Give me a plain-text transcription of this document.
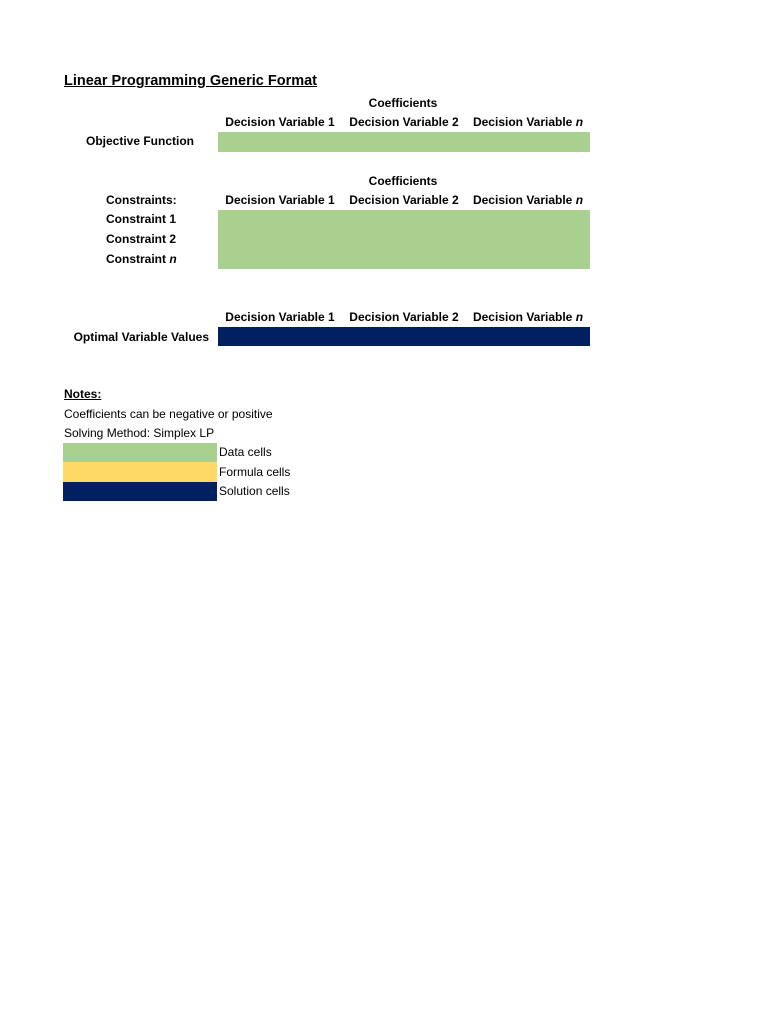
Linear Programming Generic Format
Coefficients
Decision Variable 1	Decision Variable 2	Decision Variable n
Objective Function
Coefficients
Constraints:	Decision Variable 1	Decision Variable 2	Decision Variable n
Constraint 1
Constraint 2
Constraint n
Decision Variable 1	Decision Variable 2	Decision Variable n
Optimal Variable Values
Notes:
Coefficients can be negative or positive
Solving Method: Simplex LP
Data cells
Formula cells
Solution cells
